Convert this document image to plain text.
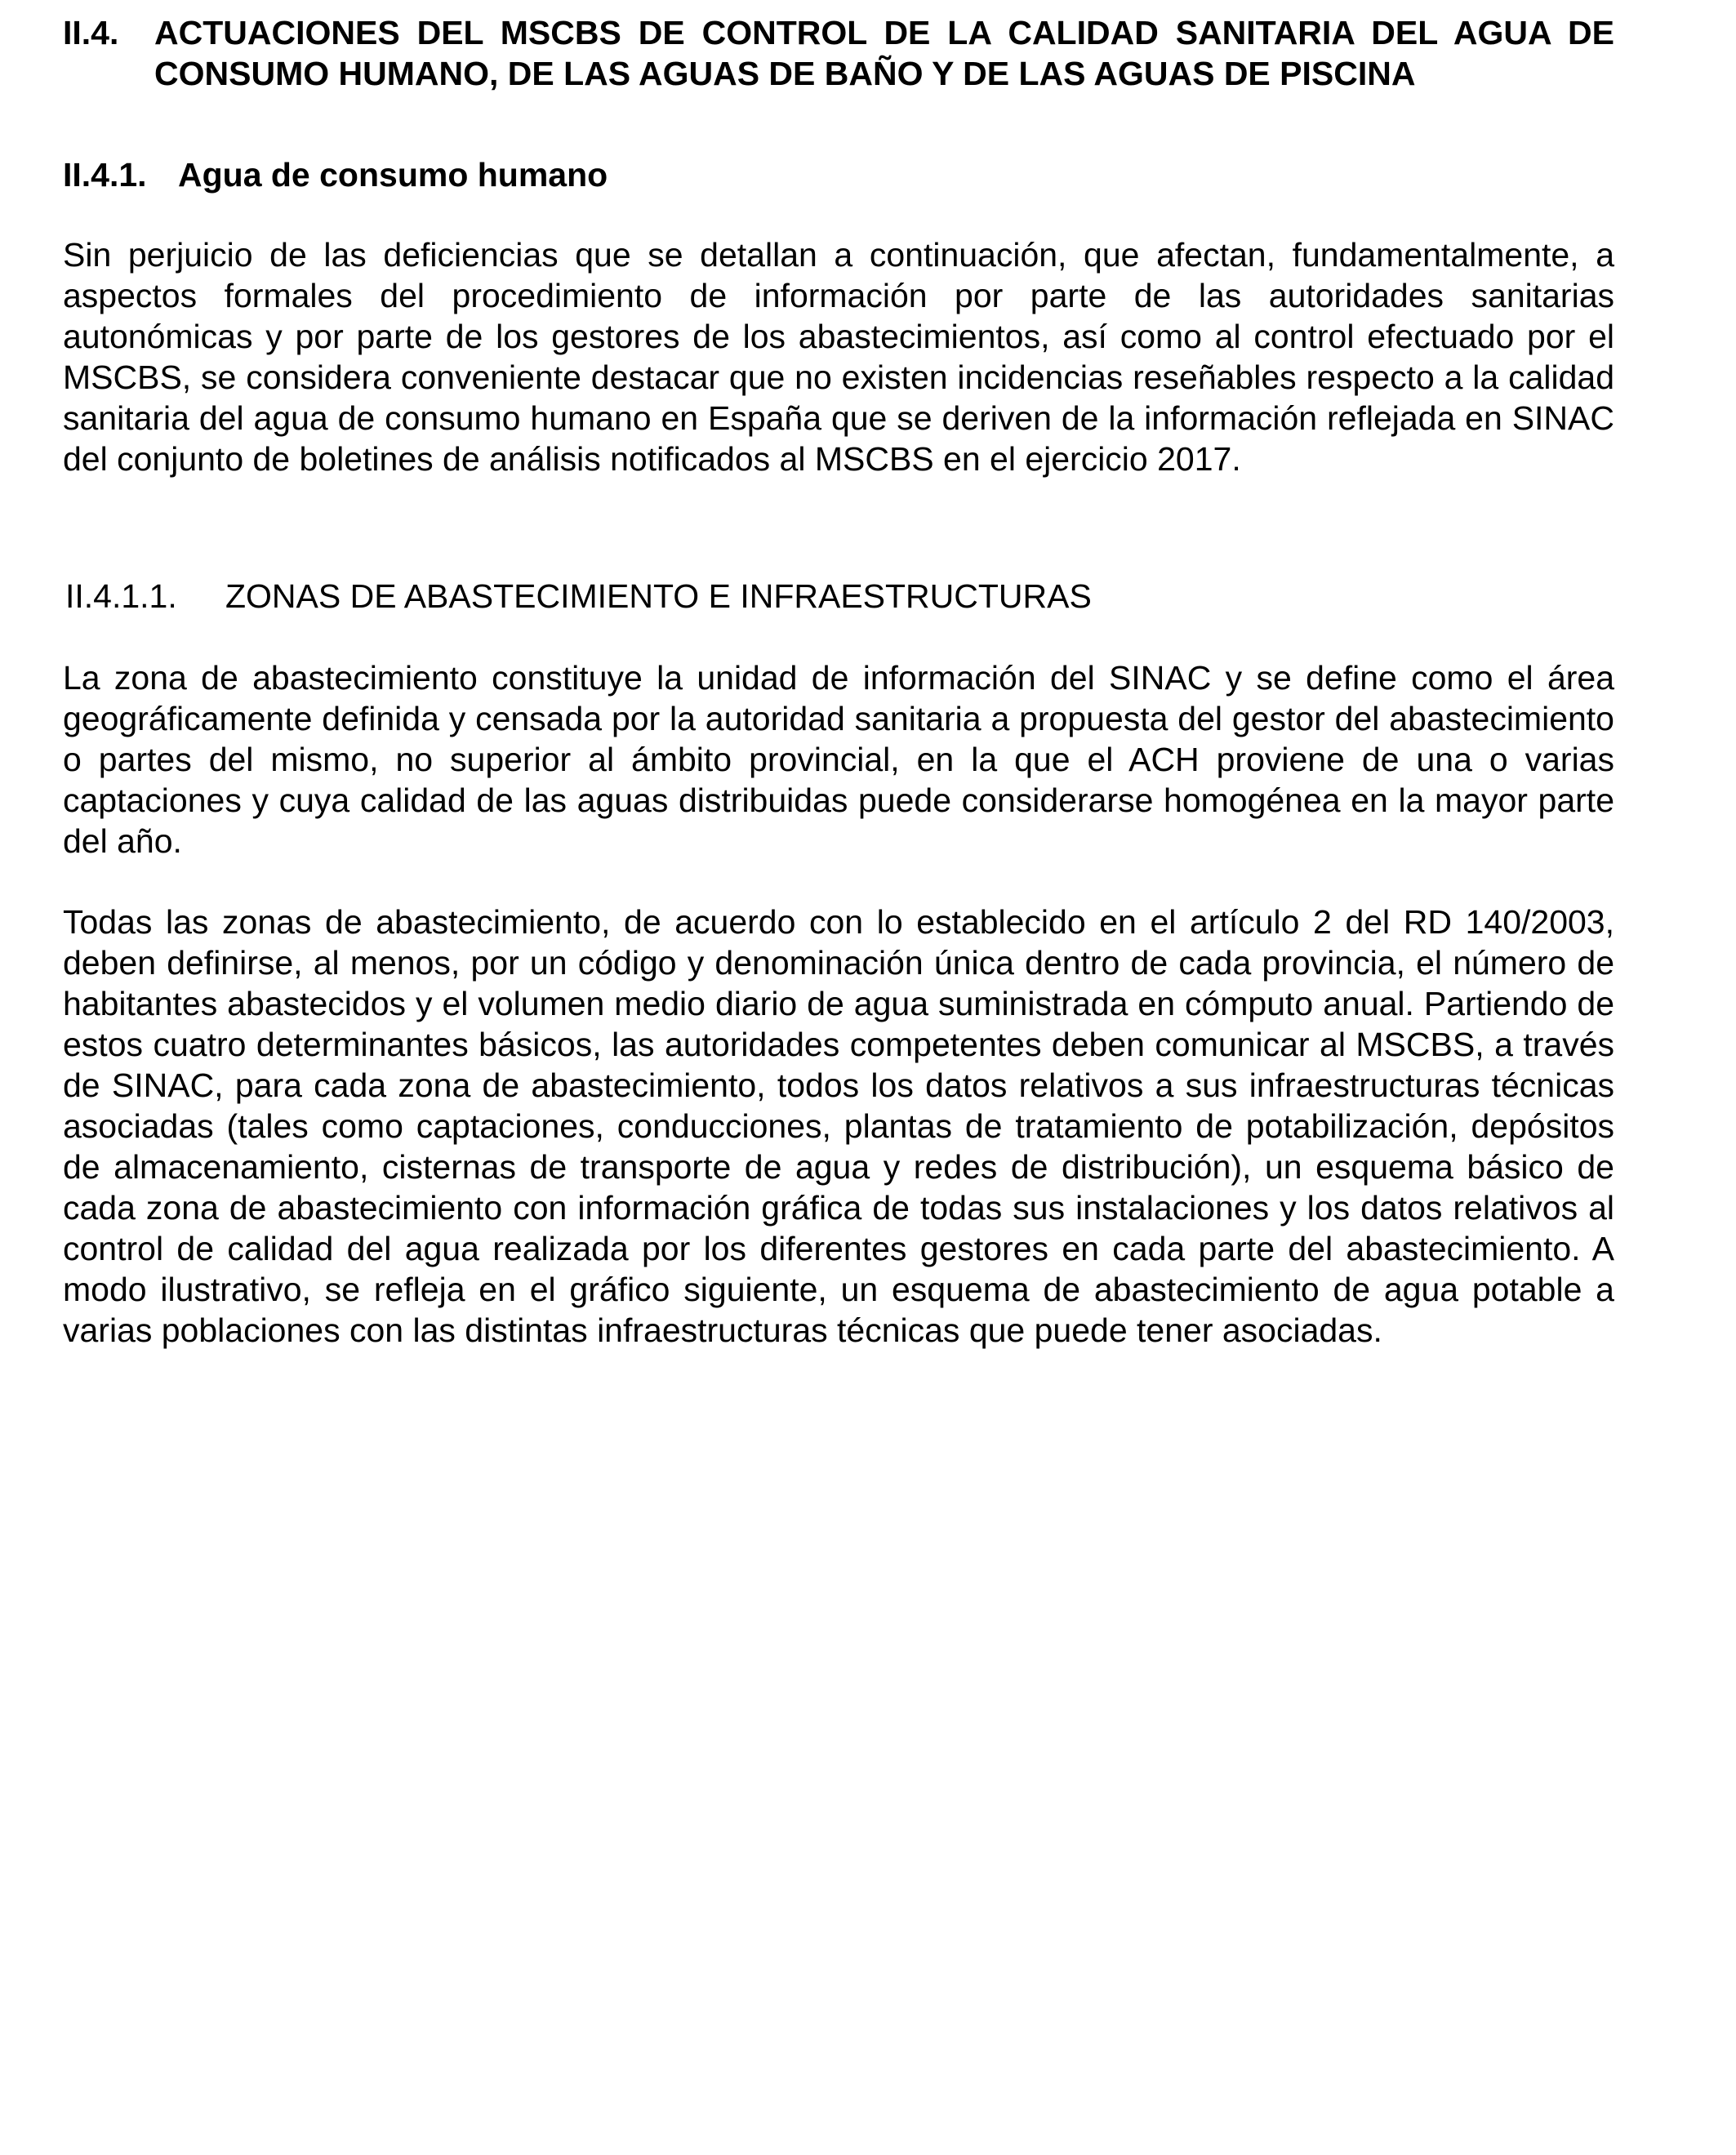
II.4.	ACTUACIONES DEL MSCBS DE CONTROL DE LA CALIDAD SANITARIA DEL AGUA DE CONSUMO HUMANO, DE LAS AGUAS DE BAÑO Y DE LAS AGUAS DE PISCINA
II.4.1. Agua de consumo humano
Sin perjuicio de las deficiencias que se detallan a continuación, que afectan, fundamentalmente, a aspectos formales del procedimiento de información por parte de las autoridades sanitarias autonómicas y por parte de los gestores de los abastecimientos, así como al control efectuado por el MSCBS, se considera conveniente destacar que no existen incidencias reseñables respecto a la calidad sanitaria del agua de consumo humano en España que se deriven de la información reflejada en SINAC del conjunto de boletines de análisis notificados al MSCBS en el ejercicio 2017.
II.4.1.1. ZONAS DE ABASTECIMIENTO E INFRAESTRUCTURAS
La zona de abastecimiento constituye la unidad de información del SINAC y se define como el área geográficamente definida y censada por la autoridad sanitaria a propuesta del gestor del abastecimiento o partes del mismo, no superior al ámbito provincial, en la que el ACH proviene de una o varias captaciones y cuya calidad de las aguas distribuidas puede considerarse homogénea en la mayor parte del año.
Todas las zonas de abastecimiento, de acuerdo con lo establecido en el artículo 2 del RD 140/2003, deben definirse, al menos, por un código y denominación única dentro de cada provincia, el número de habitantes abastecidos y el volumen medio diario de agua suministrada en cómputo anual. Partiendo de estos cuatro determinantes básicos, las autoridades competentes deben comunicar al MSCBS, a través de SINAC, para cada zona de abastecimiento, todos los datos relativos a sus infraestructuras técnicas asociadas (tales como captaciones, conducciones, plantas de tratamiento de potabilización, depósitos de almacenamiento, cisternas de transporte de agua y redes de distribución), un esquema básico de cada zona de abastecimiento con información gráfica de todas sus instalaciones y los datos relativos al control de calidad del agua realizada por los diferentes gestores en cada parte del abastecimiento. A modo ilustrativo, se refleja en el gráfico siguiente, un esquema de abastecimiento de agua potable a varias poblaciones con las distintas infraestructuras técnicas que puede tener asociadas.
